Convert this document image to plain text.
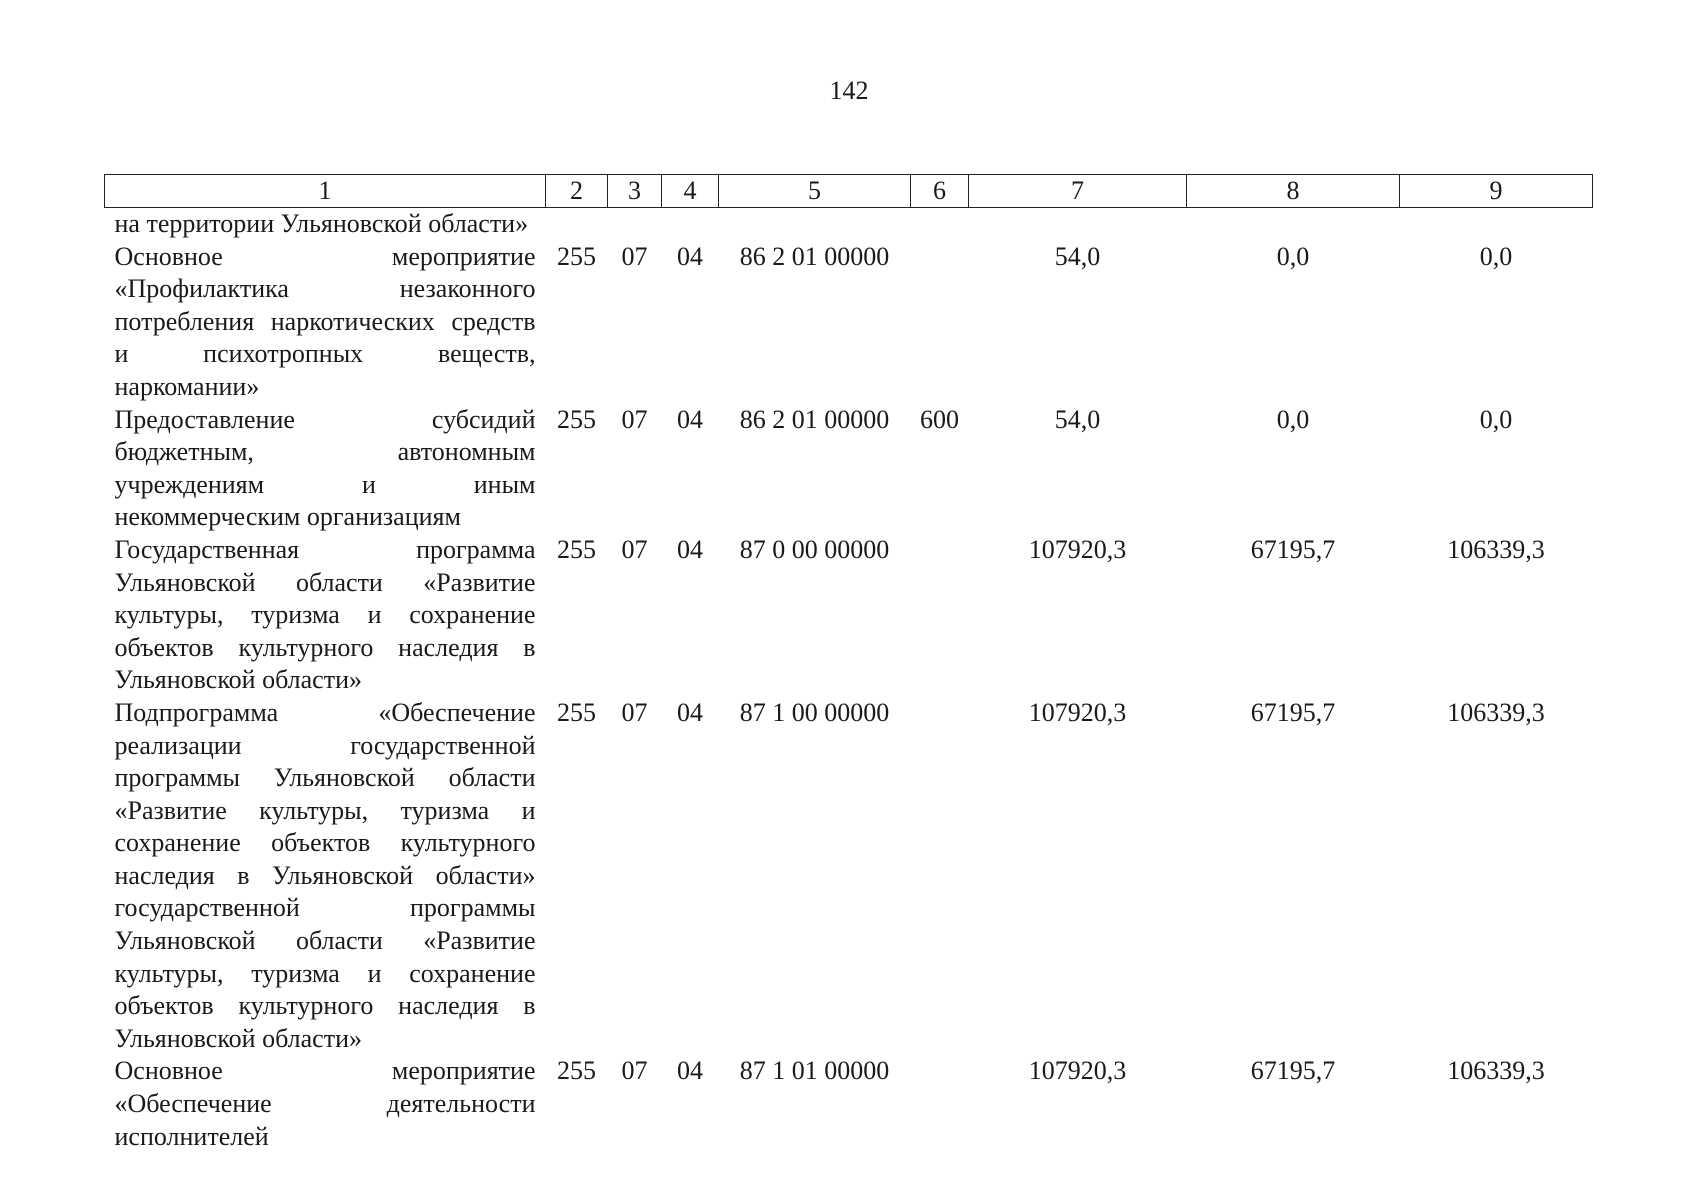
142
1	2	3	4	5	6	7	8	9

на территории Ульяновской области»								

Основное мероприятие «Профилактика незаконного потребления наркотических средств и психотропных веществ, наркомании»	255	07	04	86 2 01 00000		54,0	0,0	0,0

Предоставление субсидий бюджетным, автономным учреждениям и иным некоммерческим организациям	255	07	04	86 2 01 00000	600	54,0	0,0	0,0

Государственная программа Ульяновской области «Развитие культуры, туризма и сохранение объектов культурного наследия в Ульяновской области»	255	07	04	87 0 00 00000		107920,3	67195,7	106339,3

Подпрограмма «Обеспечение реализации государственной программы Ульяновской области «Развитие культуры, туризма и сохранение объектов культурного наследия в Ульяновской области» государственной программы Ульяновской области «Развитие культуры, туризма и сохранение объектов культурного наследия в Ульяновской области»	255	07	04	87 1 00 00000		107920,3	67195,7	106339,3

Основное мероприятие «Обеспечение деятельности исполнителей	255	07	04	87 1 01 00000		107920,3	67195,7	106339,3
